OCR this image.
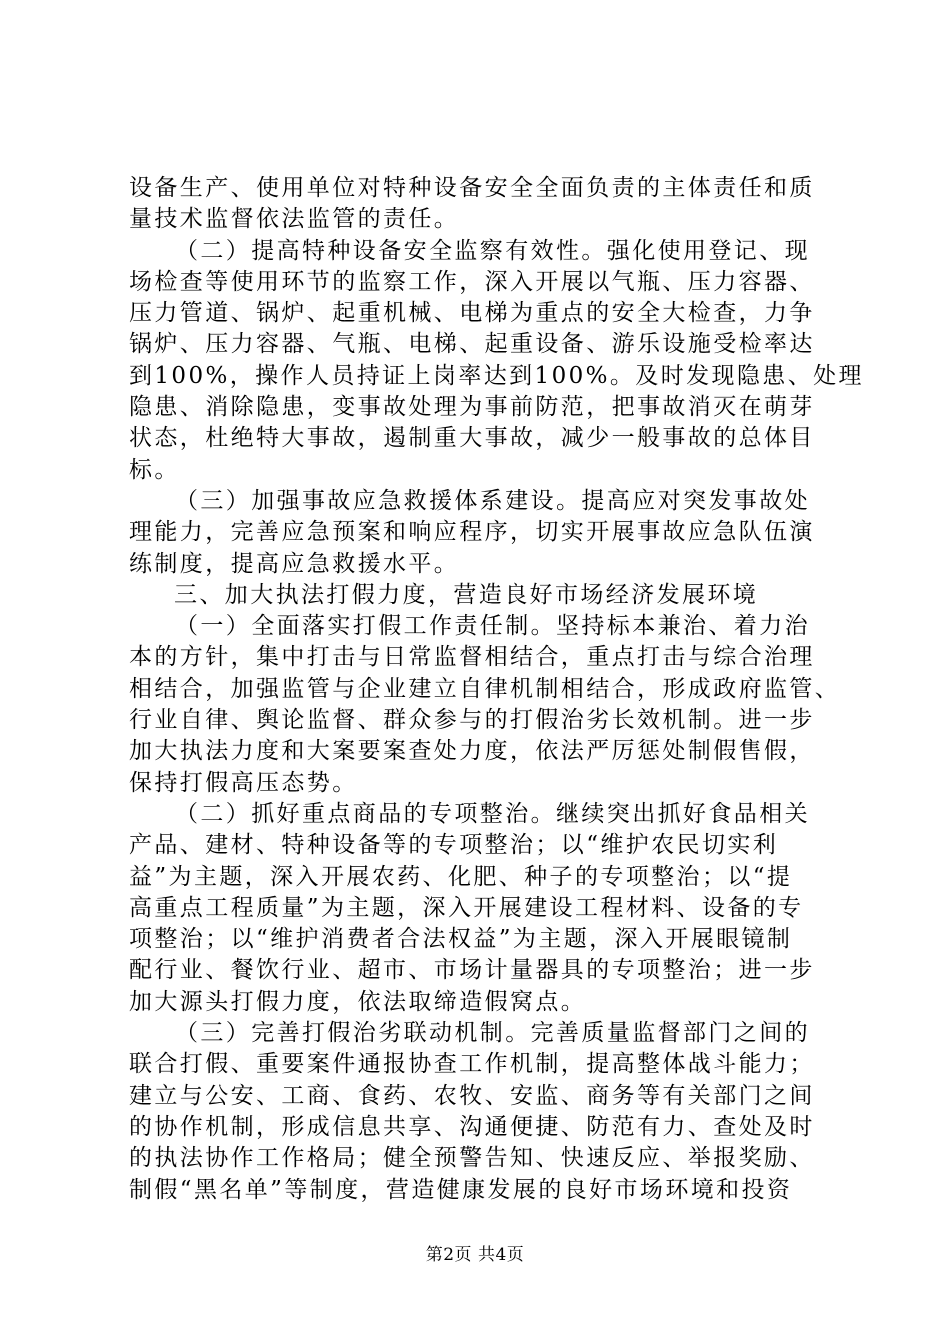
设备生产、使用单位对特种设备安全全面负责的主体责任和质
量技术监督依法监管的责任。
（二）提高特种设备安全监察有效性。强化使用登记、现
场检查等使用环节的监察工作，深入开展以气瓶、压力容器、
压力管道、锅炉、起重机械、电梯为重点的安全大检查，力争
锅炉、压力容器、气瓶、电梯、起重设备、游乐设施受检率达
到100%，操作人员持证上岗率达到100%。及时发现隐患、处理
隐患、消除隐患，变事故处理为事前防范，把事故消灭在萌芽
状态，杜绝特大事故，遏制重大事故，减少一般事故的总体目
标。
（三）加强事故应急救援体系建设。提高应对突发事故处
理能力，完善应急预案和响应程序，切实开展事故应急队伍演
练制度，提高应急救援水平。
三、加大执法打假力度，营造良好市场经济发展环境
（一）全面落实打假工作责任制。坚持标本兼治、着力治
本的方针，集中打击与日常监督相结合，重点打击与综合治理
相结合，加强监管与企业建立自律机制相结合，形成政府监管、
行业自律、舆论监督、群众参与的打假治劣长效机制。进一步
加大执法力度和大案要案查处力度，依法严厉惩处制假售假，
保持打假高压态势。
（二）抓好重点商品的专项整治。继续突出抓好食品相关
产品、建材、特种设备等的专项整治；以“维护农民切实利
益”为主题，深入开展农药、化肥、种子的专项整治；以“提
高重点工程质量”为主题，深入开展建设工程材料、设备的专
项整治；以“维护消费者合法权益”为主题，深入开展眼镜制
配行业、餐饮行业、超市、市场计量器具的专项整治；进一步
加大源头打假力度，依法取缔造假窝点。
（三）完善打假治劣联动机制。完善质量监督部门之间的
联合打假、重要案件通报协查工作机制，提高整体战斗能力；
建立与公安、工商、食药、农牧、安监、商务等有关部门之间
的协作机制，形成信息共享、沟通便捷、防范有力、查处及时
的执法协作工作格局；健全预警告知、快速反应、举报奖励、
制假“黑名单”等制度，营造健康发展的良好市场环境和投资
第2页 共4页
